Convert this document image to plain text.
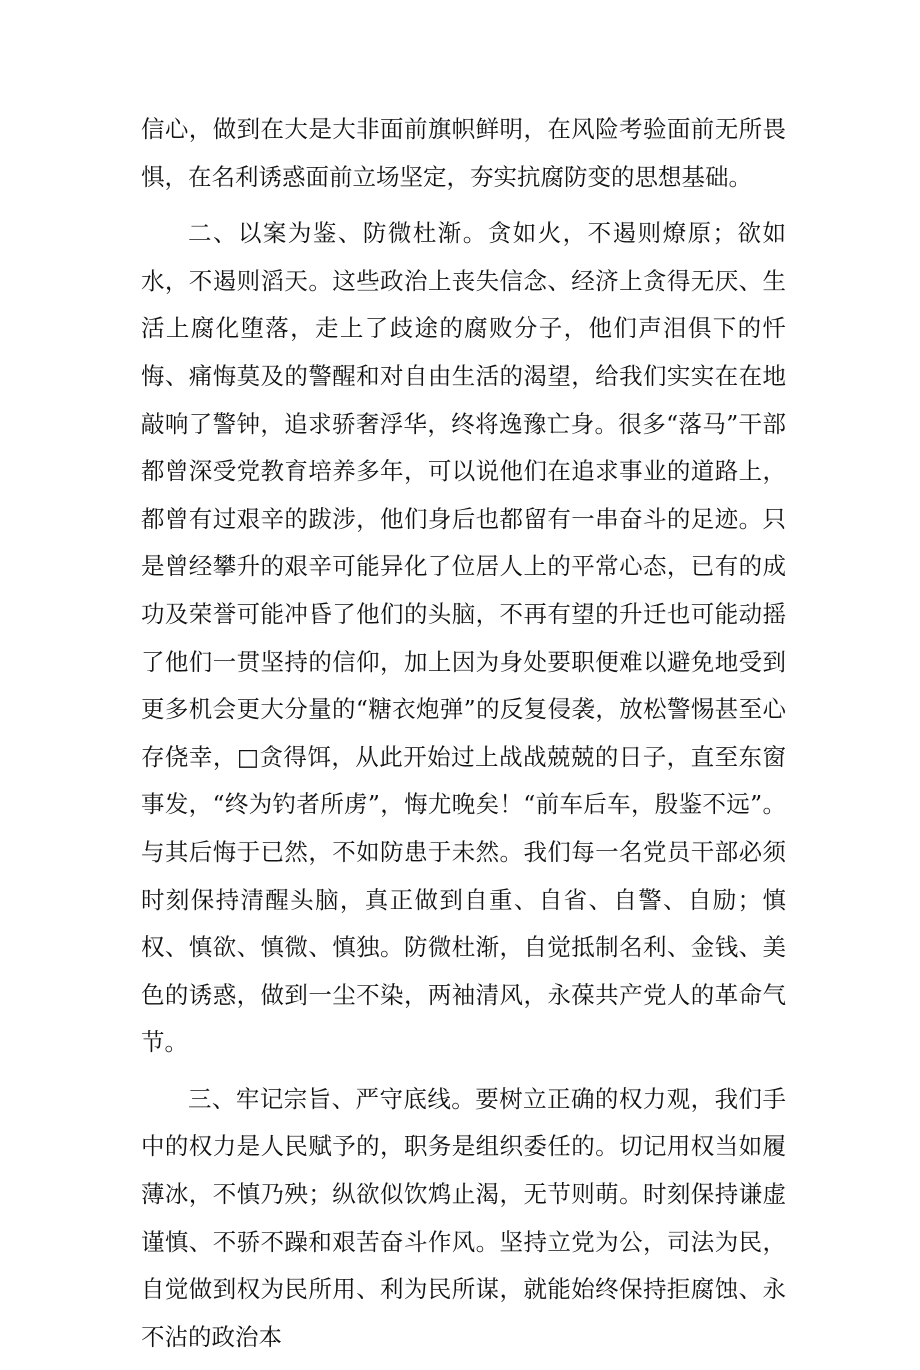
信心，做到在大是大非面前旗帜鲜明，在风险考验面前无所畏惧，在名利诱惑面前立场坚定，夯实抗腐防变的思想基础。

二、以案为鉴、防微杜渐。贪如火，不遏则燎原；欲如水，不遏则滔天。这些政治上丧失信念、经济上贪得无厌、生活上腐化堕落，走上了歧途的腐败分子，他们声泪俱下的忏悔、痛悔莫及的警醒和对自由生活的渴望，给我们实实在在地敲响了警钟，追求骄奢浮华，终将逸豫亡身。很多“落马”干部都曾深受党教育培养多年，可以说他们在追求事业的道路上，都曾有过艰辛的跋涉，他们身后也都留有一串奋斗的足迹。只是曾经攀升的艰辛可能异化了位居人上的平常心态，已有的成功及荣誉可能冲昏了他们的头脑，不再有望的升迁也可能动摇了他们一贯坚持的信仰，加上因为身处要职便难以避免地受到更多机会更大分量的“糖衣炮弹”的反复侵袭，放松警惕甚至心存侥幸，□贪得饵，从此开始过上战战兢兢的日子，直至东窗事发，“终为钓者所虏”，悔尤晚矣！“前车后车，殷鉴不远”。与其后悔于已然，不如防患于未然。我们每一名党员干部必须时刻保持清醒头脑，真正做到自重、自省、自警、自励；慎权、慎欲、慎微、慎独。防微杜渐，自觉抵制名利、金钱、美色的诱惑，做到一尘不染，两袖清风，永葆共产党人的革命气节。

三、牢记宗旨、严守底线。要树立正确的权力观，我们手中的权力是人民赋予的，职务是组织委任的。切记用权当如履薄冰，不慎乃殃；纵欲似饮鸩止渴，无节则萌。时刻保持谦虚谨慎、不骄不躁和艰苦奋斗作风。坚持立党为公，司法为民，自觉做到权为民所用、利为民所谋，就能始终保持拒腐蚀、永不沾的政治本
